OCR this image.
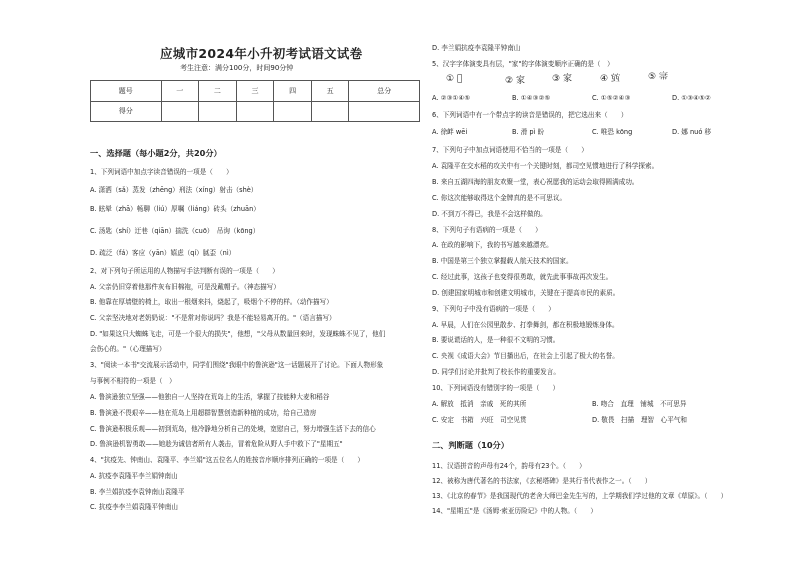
应城市2024年小升初考试语文试卷
考生注意：满分100分，时间90分钟
题号	一	二	三	四	五	总分
得分						
一、选择题（每小题2分，共20分）
1、下列词语中加点字读音错误的一项是（　　）
A. 潇洒（sǎ）蒸发（zhēng）刑法（xíng）射击（shè）
B. 眩晕（zhā）畅聊（liú）厚嘱（liáng）砖头（zhuān）
C. 汤匙（shí）迂巷（qiān）揣洗（cuō）　吊询（kōng）
D. 疏泛（fá）客应（yān）嬉虑（qí）腻歪（nì）
2、对下列句子所运用的人物描写手法判断有误的一项是（　　）
A. 父亲仍旧穿着他那件灰布旧棉袍，可是没戴帽子。（神态描写）
B. 他靠在厚墙壁的椅上，取出一根烟来抖，烧起了，吸烟个不停的样。（动作描写）
C. 父亲坚决地对老奶奶说："不是常对你说吗？我是不能轻易离开的。"（语言描写）
D. "如果这只大蜘蛛飞走，可是一个很大的损失"，他想，"父母从数量回来时，发现蛛蛛不见了，他们
会伤心的。"（心理描写）
3、"阅读一本书"交流展示活动中，同学们围绕"我眼中的鲁滨逊"这一话题展开了讨论。下面人物形象
与事例不相符的一项是（　）
A. 鲁滨逊独立坚强——他独自一人坚持在荒岛上的生活，掌握了技能种大麦和稻谷
B. 鲁滨逊不畏艰辛——他在荒岛上用超群智慧创造新种植的成功，给自己造房
C. 鲁滨逊积极乐观——初到荒岛，他冷静地分析自己的处境，宽慰自己，努力增强生活下去的信心
D. 鲁滨逊机智勇敢——她趁为诚信者所有人袭击，冒着危险从野人手中救下了"星期五"
4、"抗疫先、钟南山、袁隆平、李兰娟"这五位名人的姓按音序顺序排列正确的一项是（　　）
A. 抗疫李袁隆平李兰娟钟南山
B. 李兰娟抗疫李袁钟南山袁隆平
C. 抗疫李李兰娟袁隆平钟南山
D. 李兰娟抗疫李袁隆平钟南山
5、汉字字体演变具有层，"家"的字体演变顺序正确的是（　）
① 𡧶	② 家	③ 家	④ 𡪀	⑤ 𡨦
A. ②③①④⑤	B. ①④③②⑤	C. ①⑤②④③	D. ①③④⑤②
6、下列词语中有一个带点字的读音是错误的，把它选出来（　　）
A. 徐衅 wēi	B. 滑 pì 盼	C. 唯恐 kōng	D. 娜 nuó 移
7、下列句子中加点词语使用不恰当的一项是（　　）
A. 袁隆平在交水稻的攻关中有一个关键时刻，都司空见惯地进行了科学探索。
B. 来自五湖四海的朋友欢聚一堂，表心祝愿我的运动会取得圆满成功。
C. 你这次能够取得这个金牌真的是不可思议。
D. 不到万不得已，我是不会这样做的。
8、下列句子有语病的一项是（　　）
A. 在政的影响下，我的书写越来越漂亮。
B. 中国是第三个独立掌握载人航天技术的国家。
C. 经过此事，这孩子也变得很勇敢，就先此事事故再次发生。
D. 创建国家明城市和创建文明城市，关键在于提高市民的素质。
9、下列句子中没有语病的一项是（　　）
A. 早晨，人们在公园里散步、打拳舞剑，都在积极地锻炼身体。
B. 要说谎话的人，是一种很不文明的习惯。
C. 央视《成语大会》节目播出后，在社会上引起了极大的名誉。
D. 同学们讨论并批判了校长作的重要发言。
10、下列词语没有错别字的一项是（　　）
A. 解放　抵消　亲戚　死的其所	B. 吻合　直理　铺城　不可思异
C. 安定　书箱　兴旺　司空见贯	D. 敬畏　扫描　理智　心平气和
二、判断题（10分）
11、汉语拼音的声母有24个，韵母有23个。（　　）
12、被称为唐代著名的书法家，《玄秘塔碑》是其行书代表作之一。（　　）
13、《北京的春节》是我国现代的老舍大师巴金先生写的，上学期我们学过他的文章《草原》。（　　）
14、"星期五"是《汤姆·索亚历险记》中的人物。（　　）
